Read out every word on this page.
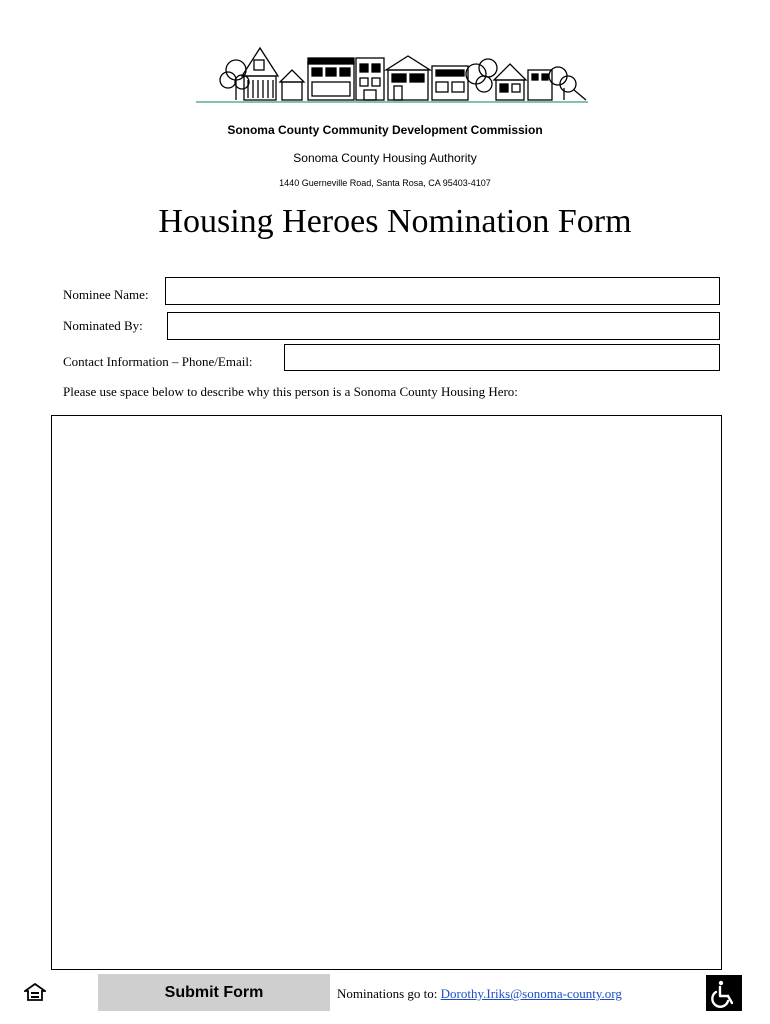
Sonoma County Community Development Commission
Sonoma County Housing Authority
1440 Guerneville Road, Santa Rosa, CA 95403-4107
Housing Heroes Nomination Form
Nominee Name:
Nominated By:
Contact Information – Phone/Email:
Please use space below to describe why this person is a Sonoma County Housing Hero:
Submit Form	Nominations go to: Dorothy.Iriks@sonoma-county.org
